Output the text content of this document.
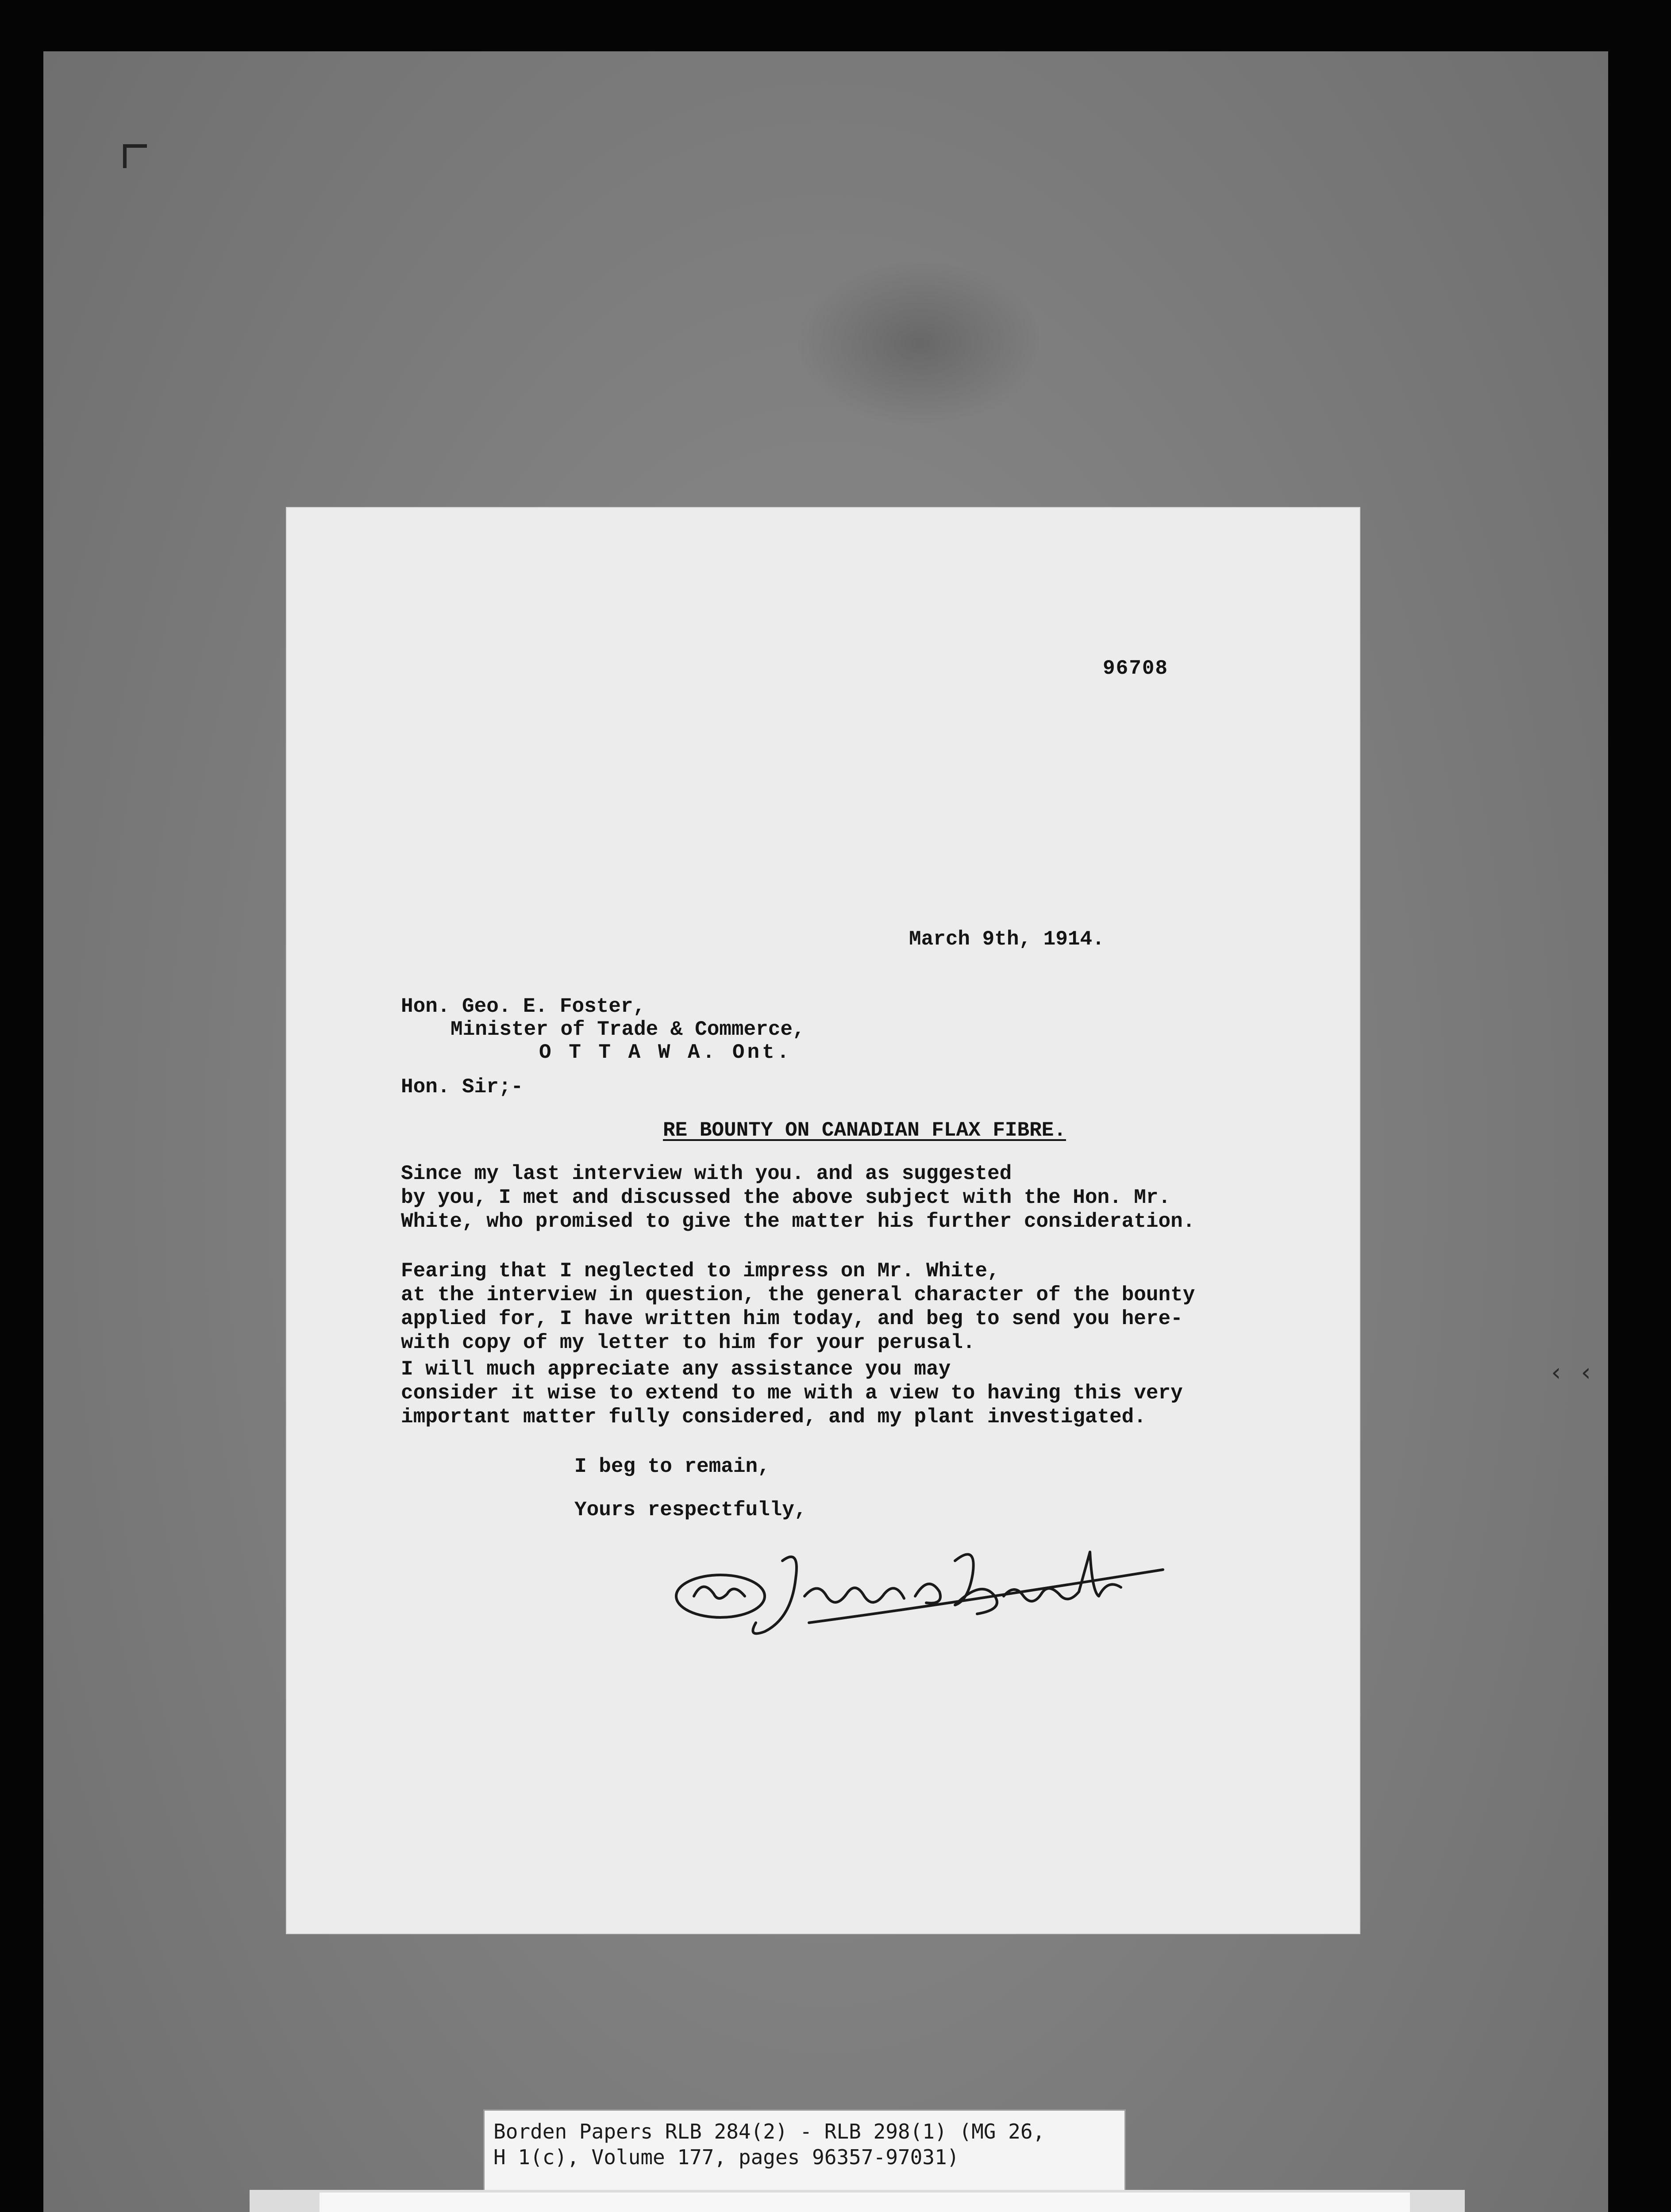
‹ ‹
96708
March 9th, 1914.
Hon. Geo. E. Foster,
Minister of Trade & Commerce,
O T T A W A. Ont.
Hon. Sir;-
RE BOUNTY ON CANADIAN FLAX FIBRE.
Since my last interview with you. and as suggested
by you, I met and discussed the above subject with the Hon. Mr.
White, who promised to give the matter his further consideration.
Fearing that I neglected to impress on Mr. White,
at the interview in question, the general character of the bounty
applied for, I have written him today, and beg to send you here-
with copy of my letter to him for your perusal.
I will much appreciate any assistance you may
consider it wise to extend to me with a view to having this very
important matter fully considered, and my plant investigated.
I beg to remain,
Yours respectfully,
Borden Papers RLB 284(2) - RLB 298(1) (MG 26,
H 1(c), Volume 177, pages 96357-97031)
